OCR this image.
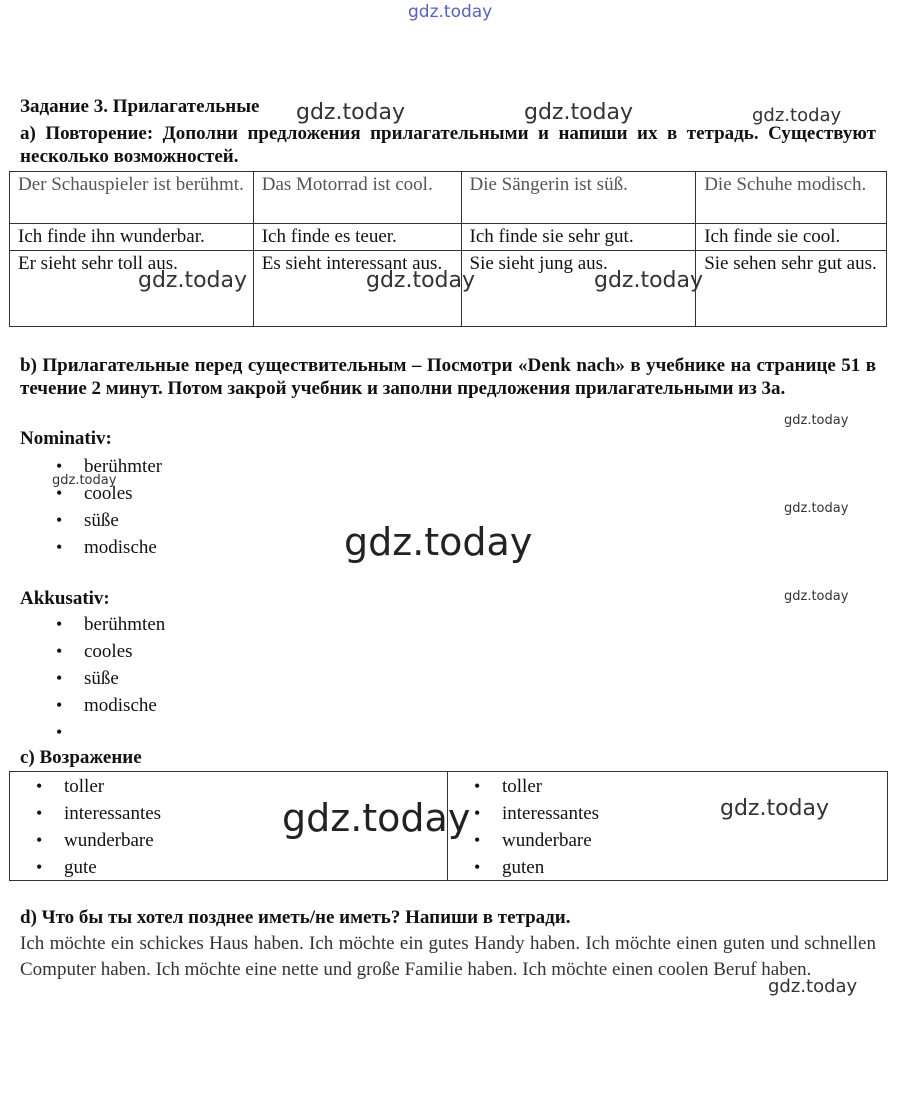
gdz.today
gdz.today	gdz.today	gdz.today
Задание 3. Прилагательные
а) Повторение: Дополни предложения прилагательными и напиши их в тетрадь. Существуют несколько возможностей.
Der Schauspieler ist berühmt.	Das Motorrad ist cool.	Die Sängerin ist süß.	Die Schuhe modisch.
Ich finde ihn wunderbar.	Ich finde es teuer.	Ich finde sie sehr gut.	Ich finde sie cool.
Er sieht sehr toll aus.	Es sieht interessant aus.	Sie sieht jung aus.	Sie sehen sehr gut aus.
gdz.today	gdz.today	gdz.today
b) Прилагательные перед существительным – Посмотри «Denk nach» в учебнике на странице 51 в течение 2 минут. Потом закрой учебник и заполни предложения прилагательными из 3а.
gdz.today
Nominativ:
• berühmter
• cooles
• süße
• modische
gdz.today
gdz.today
gdz.today
Akkusativ:	gdz.today
• berühmten
• cooles
• süße
• modische
•
с) Возражение
• toller
• interessantes
• wunderbare
• gute
• toller
• interessantes
• wunderbare
• guten
gdz.today	gdz.today
d) Что бы ты хотел позднее иметь/не иметь? Напиши в тетради.
Ich möchte ein schickes Haus haben. Ich möchte ein gutes Handy haben. Ich möchte einen guten und schnellen Computer haben. Ich möchte eine nette und große Familie haben. Ich möchte einen coolen Beruf haben.
gdz.today
